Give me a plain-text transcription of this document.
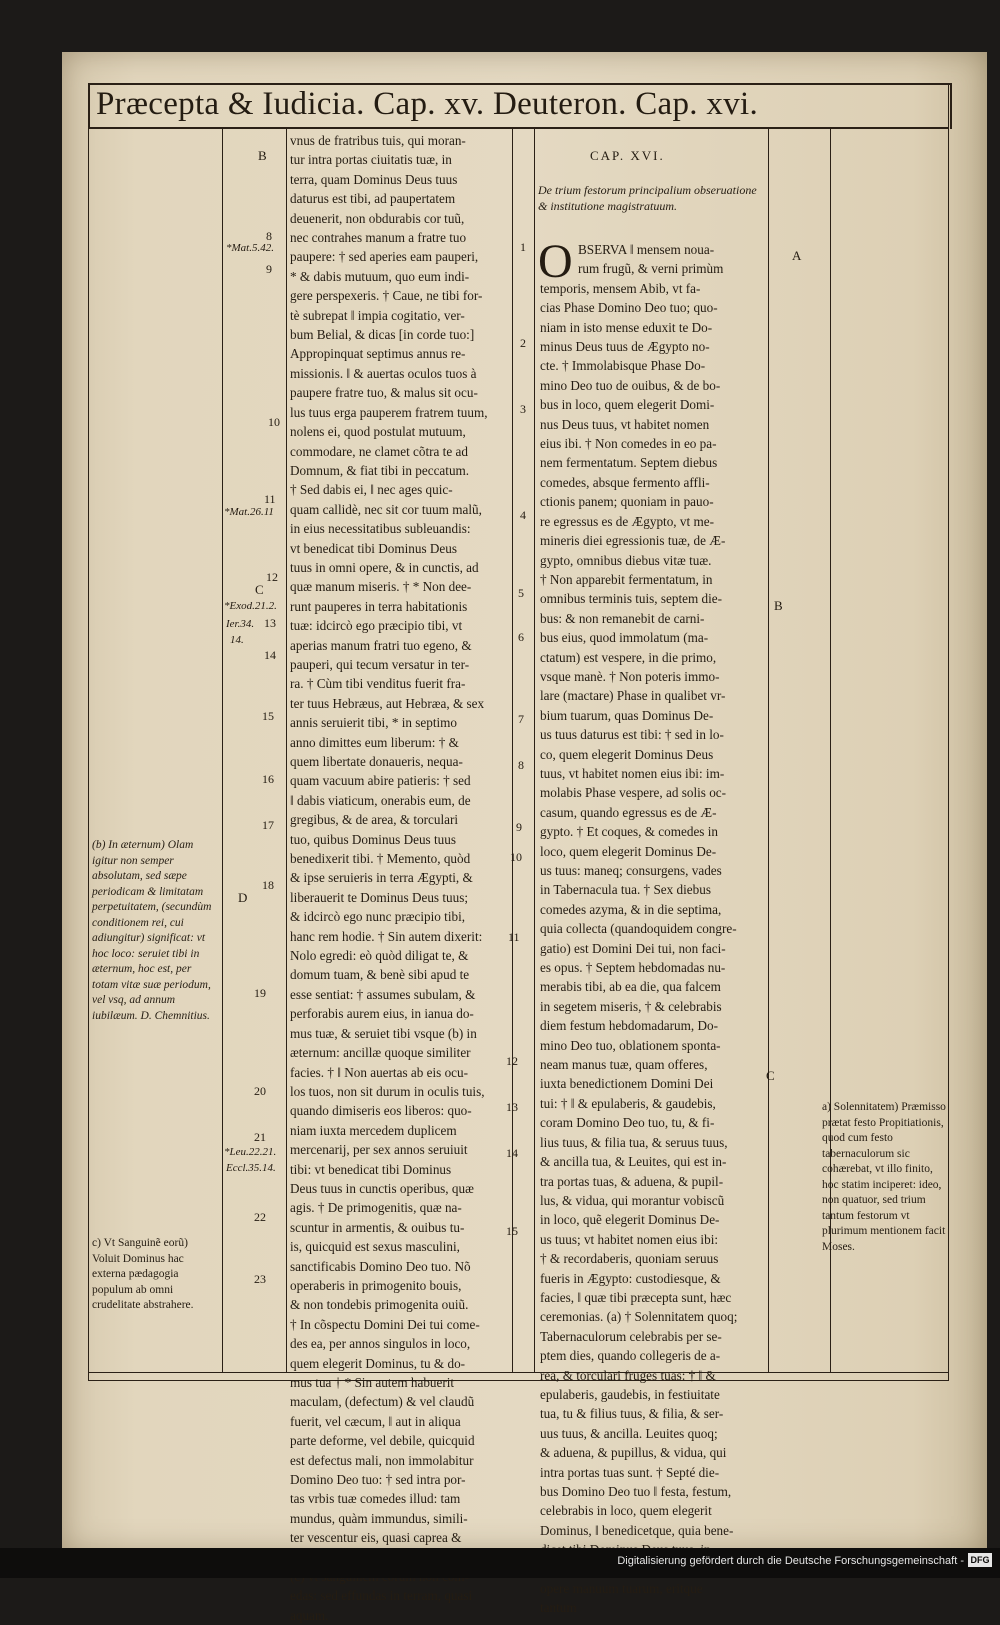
Præcepta & Iudicia. Cap. xv. Deuteron. Cap. xvi.

vnus de fratribus tuis, qui moran-

tur intra portas ciuitatis tuæ, in

terra, quam Dominus Deus tuus

daturus est tibi, ad paupertatem

deuenerit, non obdurabis cor tuũ,

nec contrahes manum a fratre tuo

paupere: † sed aperies eam pauperi,

* & dabis mutuum, quo eum indi-

gere perspexeris. † Caue, ne tibi for-

tè subrepat ‖ impia cogitatio, ver-

bum Belial, & dicas [in corde tuo:]

Appropinquat septimus annus re-

missionis. ‖ & auertas oculos tuos à

paupere fratre tuo, & malus sit ocu-

lus tuus erga pauperem fratrem tuum,

nolens ei, quod postulat mutuum,

commodare, ne clamet cõtra te ad

Domnum, & fiat tibi in peccatum.

† Sed dabis ei, ‖ nec ages quic-

quam callidè, nec sit cor tuum malũ,

in eius necessitatibus subleuandis:

vt benedicat tibi Dominus Deus

tuus in omni opere, & in cunctis, ad

quæ manum miseris. † * Non dee-

runt pauperes in terra habitationis

tuæ: idcircò ego præcipio tibi, vt

aperias manum fratri tuo egeno, &

pauperi, qui tecum versatur in ter-

ra. † Cùm tibi venditus fuerit fra-

ter tuus Hebræus, aut Hebræa, & sex

annis seruierit tibi, * in septimo

anno dimittes eum liberum: † &

quem libertate donaueris, nequa-

quam vacuum abire patieris: † sed

‖ dabis viaticum, onerabis eum, de

gregibus, & de area, & torculari

tuo, quibus Dominus Deus tuus

benedixerit tibi. † Memento, quòd

& ipse seruieris in terra Ægypti, &

liberauerit te Dominus Deus tuus;

& idcircò ego nunc præcipio tibi,

hanc rem hodie. † Sin autem dixerit:

Nolo egredi: eò quòd diligat te, &

domum tuam, & benè sibi apud te

esse sentiat: † assumes subulam, &

perforabis aurem eius, in ianua do-

mus tuæ, & seruiet tibi vsque (b) in

æternum: ancillæ quoque similiter

facies. † ‖ Non auertas ab eis ocu-

los tuos, non sit durum in oculis tuis,

quando dimiseris eos liberos: quo-

niam iuxta mercedem duplicem

mercenarij, per sex annos seruiuit

tibi: vt benedicat tibi Dominus

Deus tuus in cunctis operibus, quæ

agis. † De primogenitis, quæ na-

scuntur in armentis, & ouibus tu-

is, quicquid est sexus masculini,

sanctificabis Domino Deo tuo. Nõ

operaberis in primogenito bouis,

& non tondebis primogenita ouiũ.

† In cõspectu Domini Dei tui come-

des ea, per annos singulos in loco,

quem elegerit Dominus, tu & do-

mus tua † * Sin autem habuerit

maculam, (defectum) & vel claudũ

fuerit, vel cæcum, ‖ aut in aliqua

parte deforme, vel debile, quicquid

est defectus mali, non immolabitur

Domino Deo tuo: † sed intra por-

tas vrbis tuæ comedes illud: tam

mundus, quàm immundus, simili-

ter vescentur eis, quasi caprea &

edas: sed effundas in terram, quasi

aquam.

CAP. XVI.
De trium festorum principalium obseruatione & institutione magistratuum.
O BSERVA ‖ mensem noua-

rum frugũ, & verni primùm

temporis, mensem Abib, vt fa-

cias Phase Domino Deo tuo; quo-

niam in isto mense eduxit te Do-

minus Deus tuus de Ægypto no-

cte. † Immolabisque Phase Do-

mino Deo tuo de ouibus, & de bo-

bus in loco, quem elegerit Domi-

nus Deus tuus, vt habitet nomen

eius ibi. † Non comedes in eo pa-

nem fermentatum. Septem diebus

comedes, absque fermento affli-

ctionis panem; quoniam in pauo-

re egressus es de Ægypto, vt me-

mineris diei egressionis tuæ, de Æ-

gypto, omnibus diebus vitæ tuæ.

† Non apparebit fermentatum, in

omnibus terminis tuis, septem die-

bus: & non remanebit de carni-

bus eius, quod immolatum (ma-

ctatum) est vespere, in die primo,

vsque manè. † Non poteris immo-

lare (mactare) Phase in qualibet vr-

bium tuarum, quas Dominus De-

us tuus daturus est tibi: † sed in lo-

co, quem elegerit Dominus Deus

tuus, vt habitet nomen eius ibi: im-

molabis Phase vespere, ad solis oc-

casum, quando egressus es de Æ-

gypto. † Et coques, & comedes in

loco, quem elegerit Dominus De-

us tuus: maneq; consurgens, vades

in Tabernacula tua. † Sex diebus

comedes azyma, & in die septima,

quia collecta (quandoquidem congre-

gatio) est Domini Dei tui, non faci-

es opus. † Septem hebdomadas nu-

merabis tibi, ab ea die, qua falcem

in segetem miseris, † & celebrabis

diem festum hebdomadarum, Do-

mino Deo tuo, oblationem sponta-

neam manus tuæ, quam offeres,

iuxta benedictionem Domini Dei

tui: † ‖ & epulaberis, & gaudebis,

coram Domino Deo tuo, tu, & fi-

lius tuus, & filia tua, & seruus tuus,

& ancilla tua, & Leuites, qui est in-

tra portas tuas, & aduena, & pupil-

lus, & vidua, qui morantur vobiscũ

in loco, quẽ elegerit Dominus De-

us tuus; vt habitet nomen eius ibi:

† & recordaberis, quoniam seruus

fueris in Ægypto: custodiesque, &

facies, ‖ quæ tibi præcepta sunt, hæc

ceremonias. (a) † Solennitatem quoq;

Tabernaculorum celebrabis per se-

ptem dies, quando collegeris de a-

rea, & torculari fruges tuas: † ‖ &

epulaberis, gaudebis, in festiuitate

tua, tu & filius tuus, & filia, & ser-

uus tuus, & ancilla. Leuites quoq;

& aduena, & pupillus, & vidua, qui

intra portas tuas sunt. † Septé die-

bus Domino Deo tuo ‖ festa, festum,

celebrabis in loco, quem elegerit

Dominus, ‖ benedicetque, quia bene-

opere manuum tuarum, eritque

tantum

B
C
D
A
B
C
*Mat.5.42.
*Mat.26.11
*Exod.21.2.
Ier.34.
14.
*Leu.22.21.
Eccl.35.14.
8
9
10
11
12
13
14
15
16
17
18
19
20
21
22
23
1
2
3
4
5
6
7
8
9
10
11
12
13
14
15
(b) In æternum) Olam igitur non semper absolutam, sed sæpe periodicam & limitatam perpetuitatem, (secundùm conditionem rei, cui adiungitur) significat: vt hoc loco: seruiet tibi in æternum, hoc est, per totam vitæ suæ periodum, vel vsq, ad annum iubilæum. D. Chemnitius.
c) Vt Sanguinẽ eorũ) Voluit Dominus hac externa pædagogia populum ab omni crudelitate abstrahere.
a) Solennitatem) Præmisso prætat festo Propitiationis, quod cum festo tabernaculorum sic cohærebat, vt illo finito, hoc statim inciperet: ideo, non quatuor, sed trium tantum festorum vt plurimum mentionem facit Moses.
Digitalisierung gefördert durch die Deutsche Forschungsgemeinschaft - DFG
